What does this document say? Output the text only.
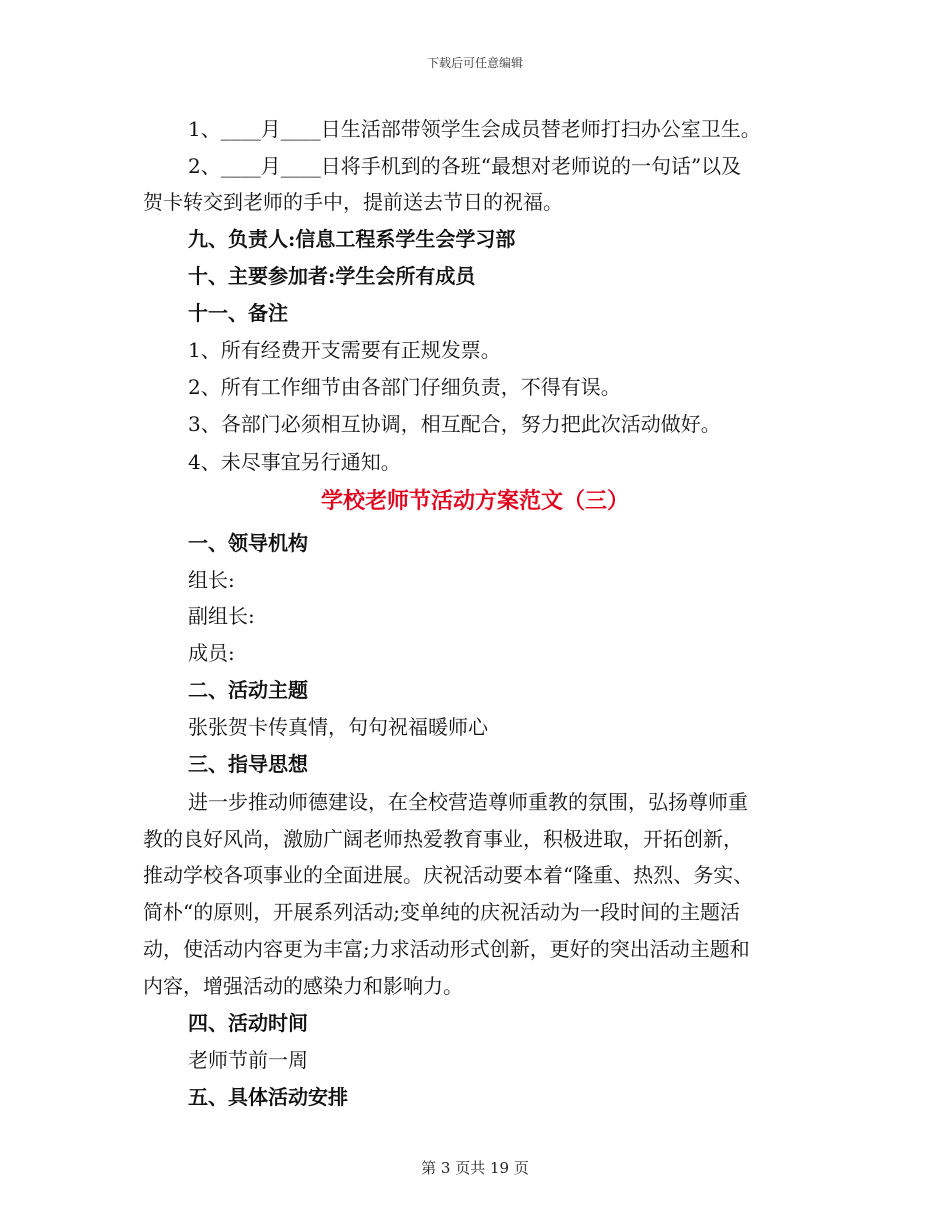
下载后可任意编辑
1、____月____日生活部带领学生会成员替老师打扫办公室卫生。
2、____月____日将手机到的各班“最想对老师说的一句话”以及
贺卡转交到老师的手中，提前送去节日的祝福。
九、负责人:信息工程系学生会学习部
十、主要参加者:学生会所有成员
十一、备注
1、所有经费开支需要有正规发票。
2、所有工作细节由各部门仔细负责，不得有误。
3、各部门必须相互协调，相互配合，努力把此次活动做好。
4、未尽事宜另行通知。
学校老师节活动方案范文（三）
一、领导机构
组长:
副组长:
成员:
二、活动主题
张张贺卡传真情，句句祝福暖师心
三、指导思想
进一步推动师德建设，在全校营造尊师重教的氛围，弘扬尊师重
教的良好风尚，激励广阔老师热爱教育事业，积极进取，开拓创新，
推动学校各项事业的全面进展。庆祝活动要本着“隆重、热烈、务实、
简朴“的原则，开展系列活动;变单纯的庆祝活动为一段时间的主题活
动，使活动内容更为丰富;力求活动形式创新，更好的突出活动主题和
内容，增强活动的感染力和影响力。
四、活动时间
老师节前一周
五、具体活动安排
第 3 页共 19 页
